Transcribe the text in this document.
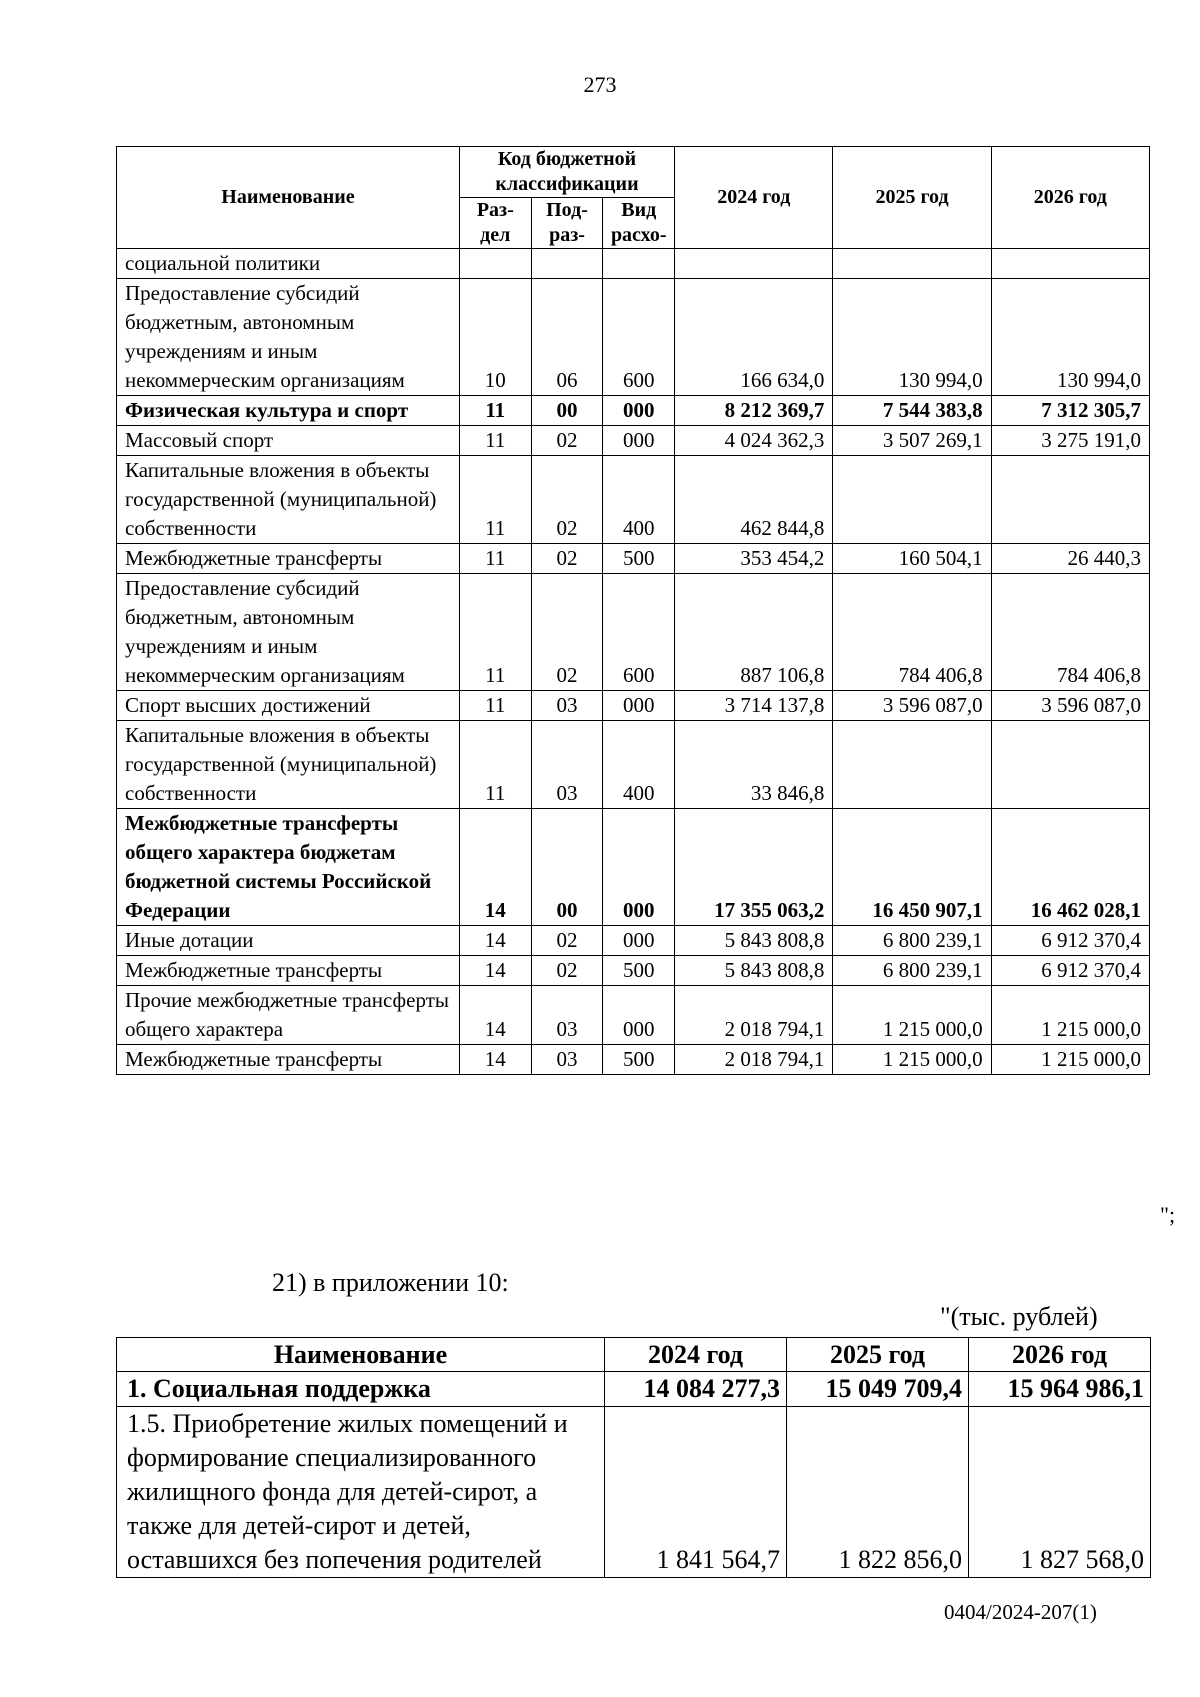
273
Наименование	Код бюджетной классификации			2024 год	2025 год	2026 год
	Раз-дел	Под-раз-	Вид расхо-			
социальной политики						
Предоставление субсидий бюджетным, автономным учреждениям и иным некоммерческим организациям	10	06	600	166 634,0	130 994,0	130 994,0
Физическая культура и спорт	11	00	000	8 212 369,7	7 544 383,8	7 312 305,7
Массовый спорт	11	02	000	4 024 362,3	3 507 269,1	3 275 191,0
Капитальные вложения в объекты государственной (муниципальной) собственности	11	02	400	462 844,8		
Межбюджетные трансферты	11	02	500	353 454,2	160 504,1	26 440,3
Предоставление субсидий бюджетным, автономным учреждениям и иным некоммерческим организациям	11	02	600	887 106,8	784 406,8	784 406,8
Спорт высших достижений	11	03	000	3 714 137,8	3 596 087,0	3 596 087,0
Капитальные вложения в объекты государственной (муниципальной) собственности	11	03	400	33 846,8		
Межбюджетные трансферты общего характера бюджетам бюджетной системы Российской Федерации	14	00	000	17 355 063,2	16 450 907,1	16 462 028,1
Иные дотации	14	02	000	5 843 808,8	6 800 239,1	6 912 370,4
Межбюджетные трансферты	14	02	500	5 843 808,8	6 800 239,1	6 912 370,4
Прочие межбюджетные трансферты общего характера	14	03	000	2 018 794,1	1 215 000,0	1 215 000,0
Межбюджетные трансферты	14	03	500	2 018 794,1	1 215 000,0	1 215 000,0
";
21) в приложении 10:
"(тыс. рублей)
Наименование	2024 год	2025 год	2026 год
1. Социальная поддержка	14 084 277,3	15 049 709,4	15 964 986,1
1.5. Приобретение жилых помещений и формирование специализированного жилищного фонда для детей-сирот, а также для детей-сирот и детей, оставшихся без попечения родителей	1 841 564,7	1 822 856,0	1 827 568,0
0404/2024-207(1)
